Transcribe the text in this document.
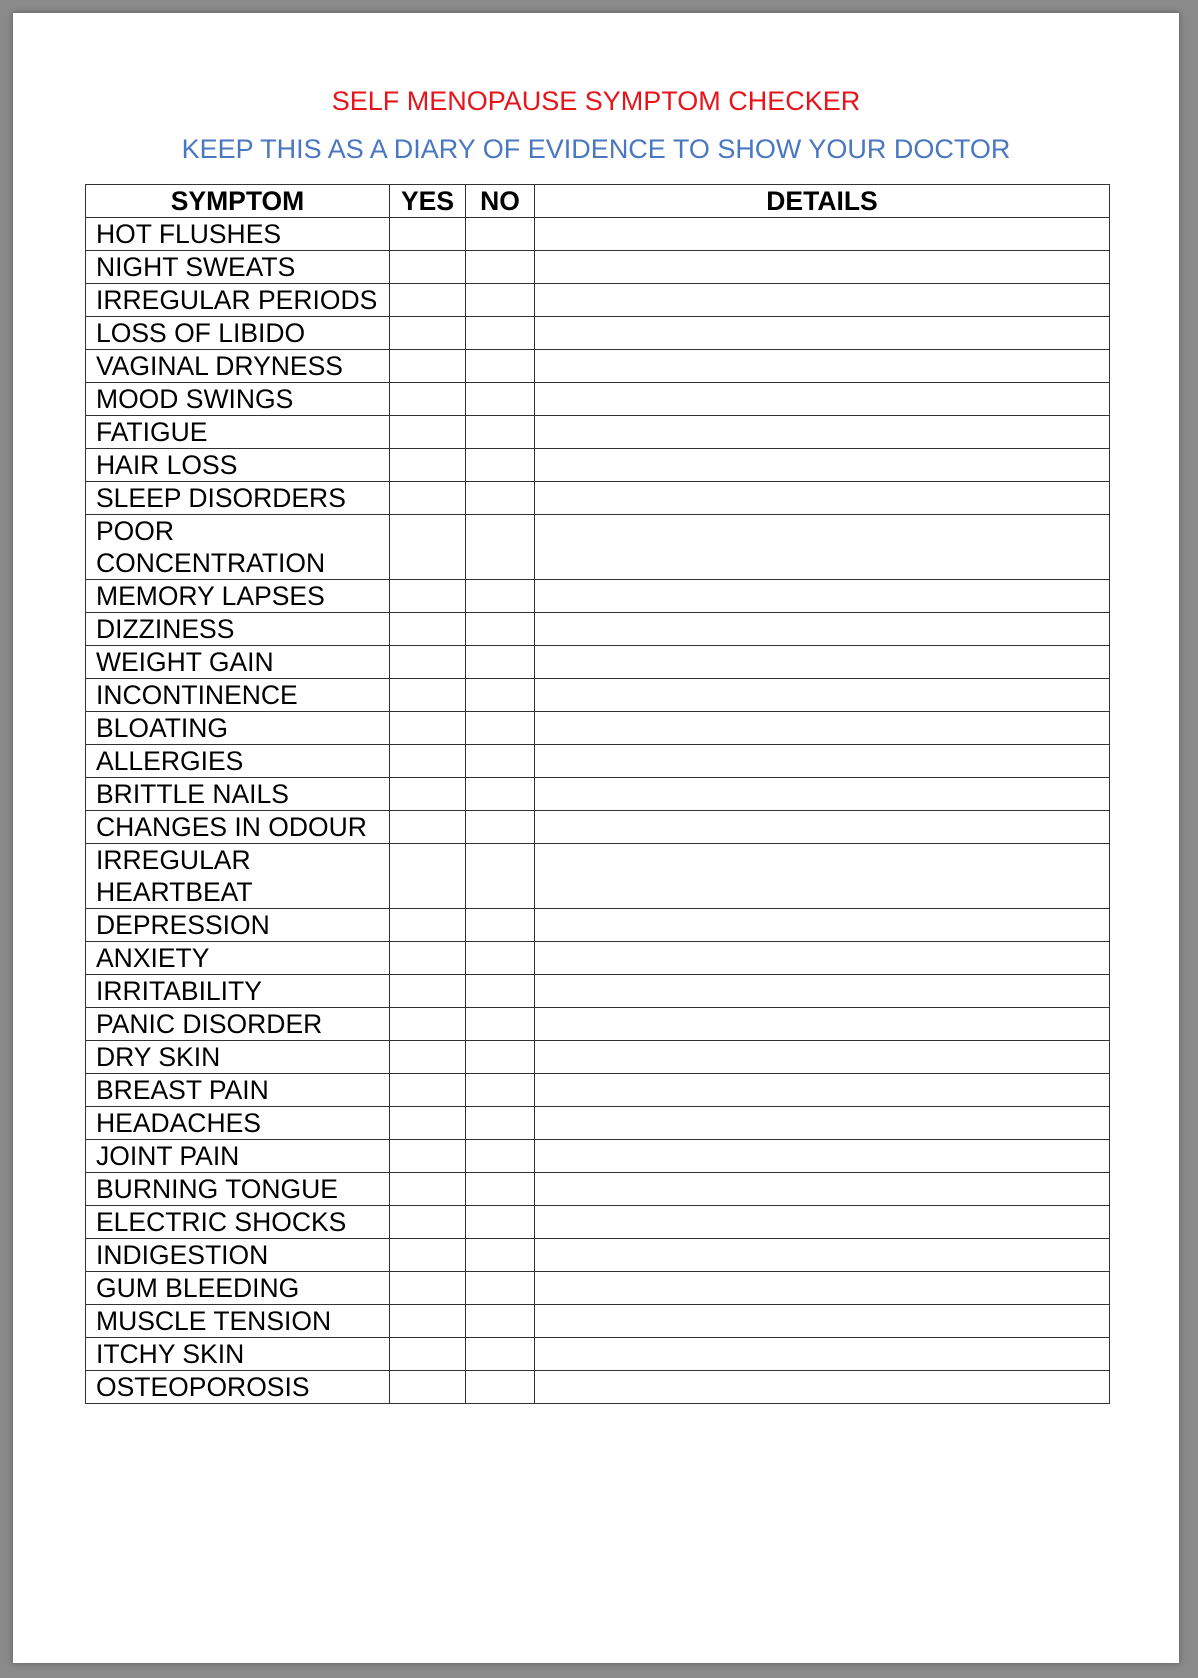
SELF MENOPAUSE SYMPTOM CHECKER
KEEP THIS AS A DIARY OF EVIDENCE TO SHOW YOUR DOCTOR
SYMPTOM	YES	NO	DETAILS
HOT FLUSHES			
NIGHT SWEATS			
IRREGULAR PERIODS			
LOSS OF LIBIDO			
VAGINAL DRYNESS			
MOOD SWINGS			
FATIGUE			
HAIR LOSS			
SLEEP DISORDERS			
POOR CONCENTRATION			
MEMORY LAPSES			
DIZZINESS			
WEIGHT GAIN			
INCONTINENCE			
BLOATING			
ALLERGIES			
BRITTLE NAILS			
CHANGES IN ODOUR			
IRREGULAR HEARTBEAT			
DEPRESSION			
ANXIETY			
IRRITABILITY			
PANIC DISORDER			
DRY SKIN			
BREAST PAIN			
HEADACHES			
JOINT PAIN			
BURNING TONGUE			
ELECTRIC SHOCKS			
INDIGESTION			
GUM BLEEDING			
MUSCLE TENSION			
ITCHY SKIN			
OSTEOPOROSIS			
